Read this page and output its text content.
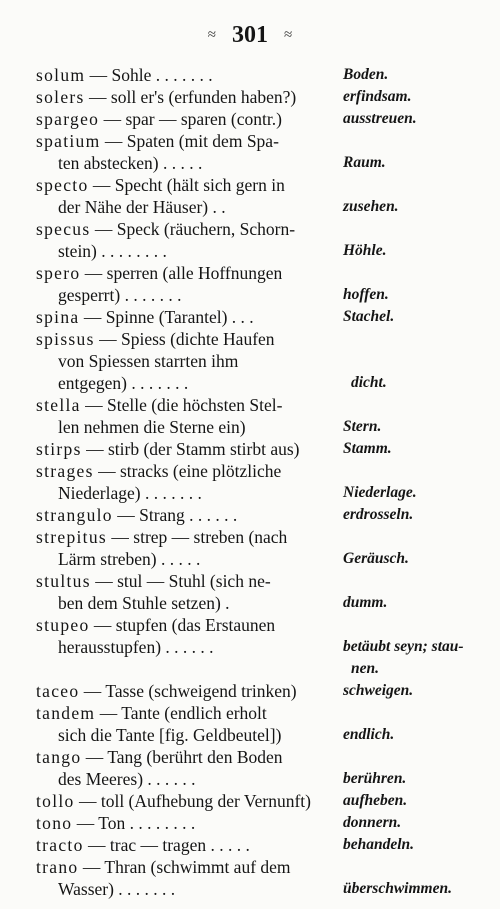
≈ 301 ≈
solum — Sohle . . . . . . .	Boden.
solers — soll er's (erfunden haben?)	erfindsam.
spargeo — spar — sparen (contr.)	ausstreuen.
spatium — Spaten (mit dem Spa-
ten abstecken) . . . . .	Raum.
specto — Specht (hält sich gern in
der Nähe der Häuser) . .	zusehen.
specus — Speck (räuchern, Schorn-
stein) . . . . . . . .	Höhle.
spero — sperren (alle Hoffnungen
gesperrt) . . . . . . .	hoffen.
spina — Spinne (Tarantel) . . .	Stachel.
spissus — Spiess (dichte Haufen
von Spiessen starrten ihm
entgegen) . . . . . . .	dicht.
stella — Stelle (die höchsten Stel-
len nehmen die Sterne ein)	Stern.
stirps — stirb (der Stamm stirbt aus)	Stamm.
strages — stracks (eine plötzliche
Niederlage) . . . . . . .	Niederlage.
strangulo — Strang . . . . . .	erdrosseln.
strepitus — strep — streben (nach
Lärm streben) . . . . .	Geräusch.
stultus — stul — Stuhl (sich ne-
ben dem Stuhle setzen) .	dumm.
stupeo — stupfen (das Erstaunen
herausstupfen) . . . . . .	betäubt seyn; stau-
nen.
taceo — Tasse (schweigend trinken)	schweigen.
tandem — Tante (endlich erholt
sich die Tante [fig. Geldbeutel])	endlich.
tango — Tang (berührt den Boden
des Meeres) . . . . . .	berühren.
tollo — toll (Aufhebung der Vernunft) aufheben.
tono — Ton . . . . . . . .	donnern.
tracto — trac — tragen . . . . .	behandeln.
trano — Thran (schwimmt auf dem
Wasser) . . . . . . .	überschwimmen.
